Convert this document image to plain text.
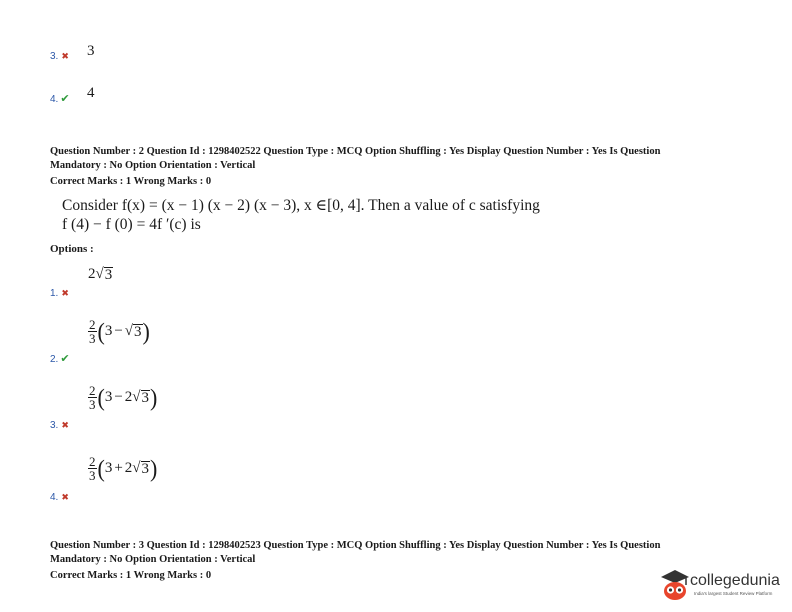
3. ✖ 3
4. ✔ 4
Question Number : 2 Question Id : 1298402522 Question Type : MCQ Option Shuffling : Yes Display Question Number : Yes Is Question
Mandatory : No Option Orientation : Vertical
Correct Marks : 1 Wrong Marks : 0
Consider f(x) = (x − 1) (x − 2) (x − 3), x ∈[0, 4]. Then a value of c satisfying
f (4) − f (0) = 4f ′(c) is
Options :
1. ✖
2 √ 3
2. ✔
$\frac{2}{3}$ ( 3 − √ 3 )
3. ✖
$\frac{2}{3}$ ( 3 − 2 √ 3 )
4. ✖
$\frac{2}{3}$ ( 3 + 2 √ 3 )
Question Number : 3 Question Id : 1298402523 Question Type : MCQ Option Shuffling : Yes Display Question Number : Yes Is Question
Mandatory : No Option Orientation : Vertical
Correct Marks : 1 Wrong Marks : 0	collegedunia
India's largest Student Review Platform
